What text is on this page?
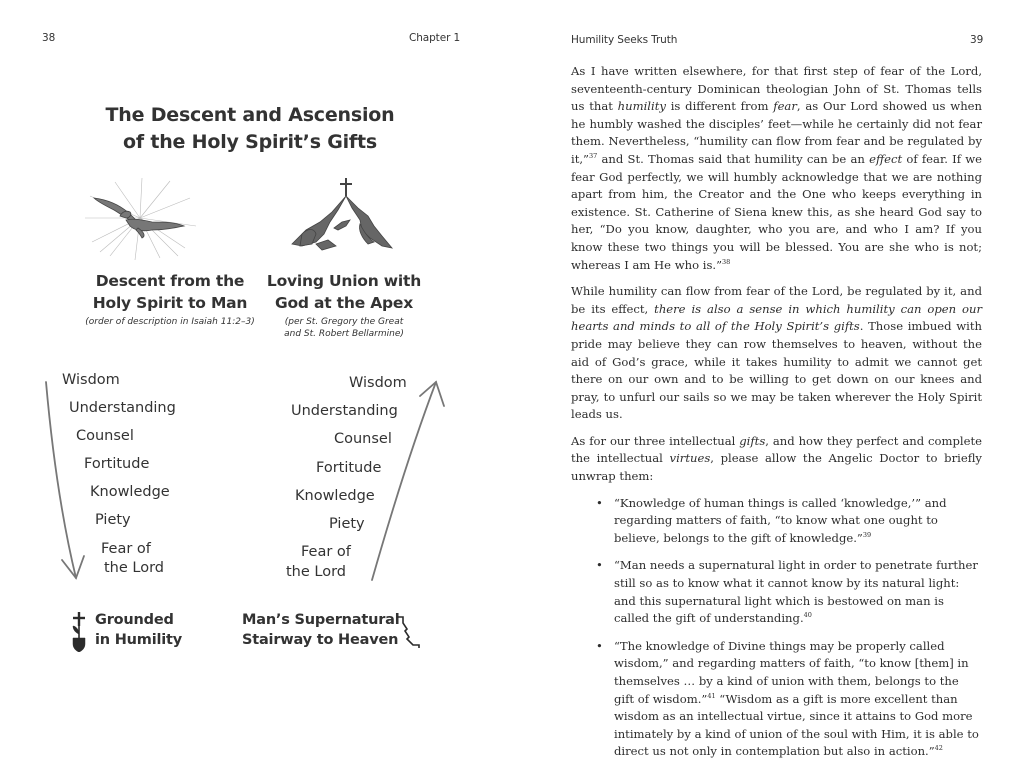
38	Chapter 1
The Descent and Ascension
of the Holy Spirit’s Gifts
Descent from the
Holy Spirit to Man
(order of description in Isaiah 11:2–3)
Loving Union with
God at the Apex
(per St. Gregory the Great
and St. Robert Bellarmine)
Wisdom
Understanding
Counsel
Fortitude
Knowledge
Piety
Fear of
the Lord
Wisdom
Understanding
Counsel
Fortitude
Knowledge
Piety
Fear of
the Lord
Grounded
in Humility
Man’s Supernatural
Stairway to Heaven
Humility Seeks Truth	39

As I have written elsewhere, for that first step of fear of the Lord, seventeenth-century Dominican theologian John of St. Thomas tells us that humility is different from fear, as Our Lord showed us when he humbly washed the disciples’ feet—while he certainly did not fear them. Nevertheless, “humility can flow from fear and be regulated by it,”$^{37}$ and St. Thomas said that humility can be an effect of fear. If we fear God perfectly, we will humbly acknowledge that we are nothing apart from him, the Creator and the One who keeps everything in existence. St. Catherine of Siena knew this, as she heard God say to her, “Do you know, daughter, who you are, and who I am? If you know these two things you will be blessed. You are she who is not; whereas I am He who is.”$^{38}$

While humility can flow from fear of the Lord, be regulated by it, and be its effect, there is also a sense in which humility can open our hearts and minds to all of the Holy Spirit’s gifts. Those imbued with pride may believe they can row themselves to heaven, without the aid of God’s grace, while it takes humility to admit we cannot get there on our own and to be willing to get down on our knees and pray, to unfurl our sails so we may be taken wherever the Holy Spirit leads us.

As for our three intellectual gifts, and how they perfect and complete the intellectual virtues, please allow the Angelic Doctor to briefly unwrap them:

• “Knowledge of human things is called ‘knowledge,’” and regarding matters of faith, “to know what one ought to believe, belongs to the gift of knowledge.”$^{39}$
• “Man needs a supernatural light in order to penetrate further still so as to know what it cannot know by its natural light: and this supernatural light which is bestowed on man is called the gift of understanding.$^{40}$
• “The knowledge of Divine things may be properly called wisdom,” and regarding matters of faith, “to know [them] in themselves … by a kind of union with them, belongs to the gift of wisdom.”$^{41}$ “Wisdom as a gift is more excellent than wisdom as an intellectual virtue, since it attains to God more intimately by a kind of union of the soul with Him, it is able to direct us not only in contemplation but also in action.”$^{42}$
